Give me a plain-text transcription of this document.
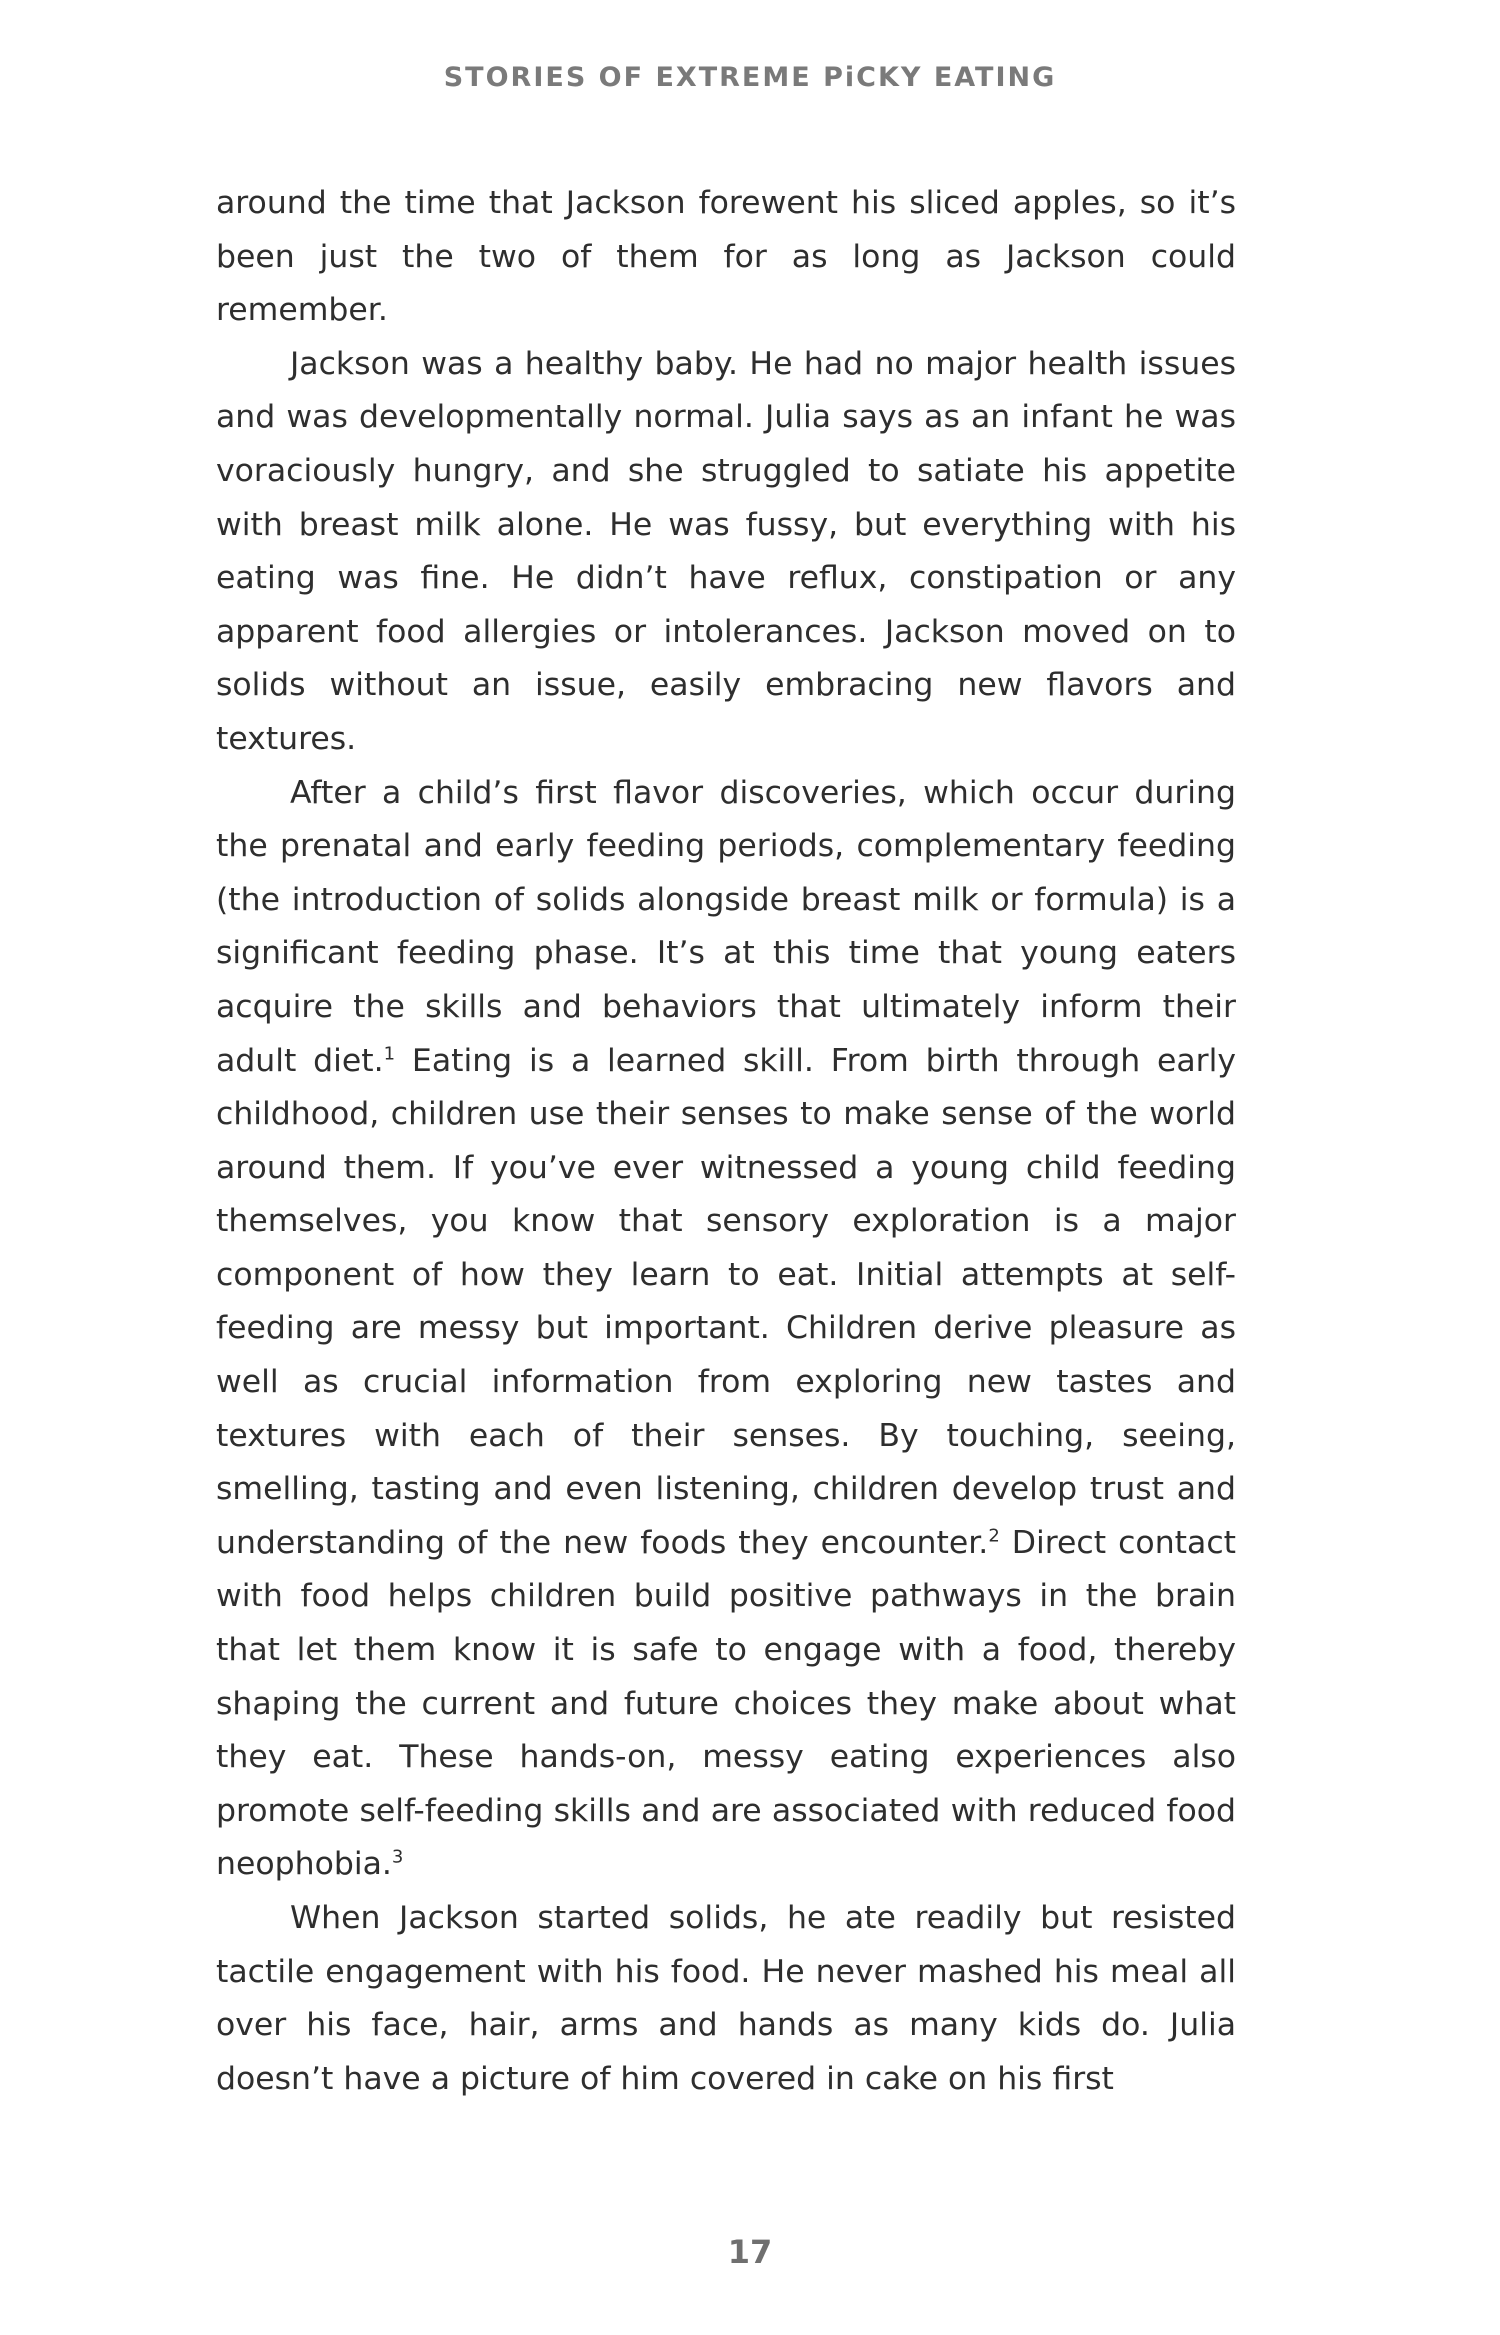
STORIES OF EXTREME PiCKY EATING

around the time that Jackson forewent his sliced apples, so it’s been just the two of them for as long as Jackson could remember.

Jackson was a healthy baby. He had no major health issues and was developmentally normal. Julia says as an infant he was voraciously hungry, and she struggled to satiate his appetite with breast milk alone. He was fussy, but everything with his eating was fine. He didn’t have reflux, constipation or any apparent food allergies or intolerances. Jackson moved on to solids without an issue, easily embracing new flavors and textures.

After a child’s first flavor discoveries, which occur during the prenatal and early feeding periods, complementary feeding (the introduction of solids alongside breast milk or formula) is a significant feeding phase. It’s at this time that young eaters acquire the skills and behaviors that ultimately inform their adult diet.$^1$ Eating is a learned skill. From birth through early childhood, children use their senses to make sense of the world around them. If you’ve ever witnessed a young child feeding themselves, you know that sensory exploration is a major component of how they learn to eat. Initial attempts at self-feeding are messy but important. Children derive pleasure as well as crucial information from exploring new tastes and textures with each of their senses. By touching, seeing, smelling, tasting and even listening, children develop trust and understanding of the new foods they encounter.$^2$ Direct contact with food helps children build positive pathways in the brain that let them know it is safe to engage with a food, thereby shaping the current and future choices they make about what they eat. These hands-on, messy eating experiences also promote self-feeding skills and are associated with reduced food neophobia.$^3$

When Jackson started solids, he ate readily but resisted tactile engagement with his food. He never mashed his meal all over his face, hair, arms and hands as many kids do. Julia doesn’t have a picture of him covered in cake on his first

17
